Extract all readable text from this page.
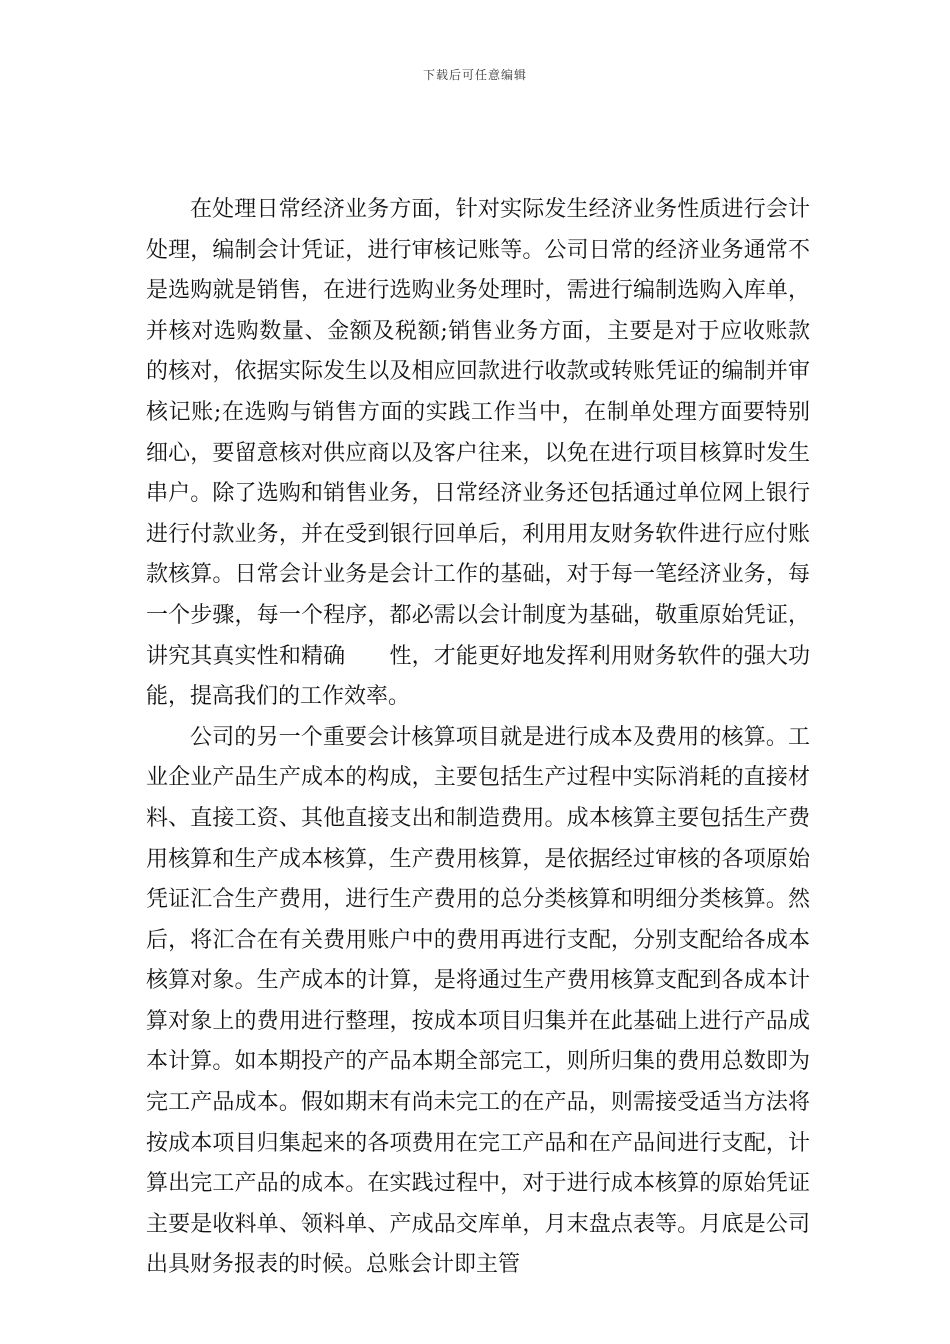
下载后可任意编辑

在处理日常经济业务方面，针对实际发生经济业务性质进行会计处理，编制会计凭证，进行审核记账等。公司日常的经济业务通常不是选购就是销售，在进行选购业务处理时，需进行编制选购入库单，并核对选购数量、金额及税额;销售业务方面，主要是对于应收账款的核对，依据实际发生以及相应回款进行收款或转账凭证的编制并审核记账;在选购与销售方面的实践工作当中，在制单处理方面要特别细心，要留意核对供应商以及客户往来，以免在进行项目核算时发生串户。除了选购和销售业务，日常经济业务还包括通过单位网上银行进行付款业务，并在受到银行回单后，利用用友财务软件进行应付账款核算。日常会计业务是会计工作的基础，对于每一笔经济业务，每一个步骤，每一个程序，都必需以会计制度为基础，敬重原始凭证，讲究其真实性和精确　　性，才能更好地发挥利用财务软件的强大功能，提高我们的工作效率。

公司的另一个重要会计核算项目就是进行成本及费用的核算。工业企业产品生产成本的构成，主要包括生产过程中实际消耗的直接材料、直接工资、其他直接支出和制造费用。成本核算主要包括生产费用核算和生产成本核算，生产费用核算，是依据经过审核的各项原始凭证汇合生产费用，进行生产费用的总分类核算和明细分类核算。然后，将汇合在有关费用账户中的费用再进行支配，分别支配给各成本核算对象。生产成本的计算，是将通过生产费用核算支配到各成本计算对象上的费用进行整理，按成本项目归集并在此基础上进行产品成本计算。如本期投产的产品本期全部完工，则所归集的费用总数即为完工产品成本。假如期末有尚未完工的在产品，则需接受适当方法将按成本项目归集起来的各项费用在完工产品和在产品间进行支配，计算出完工产品的成本。在实践过程中，对于进行成本核算的原始凭证主要是收料单、领料单、产成品交库单，月末盘点表等。月底是公司出具财务报表的时候。总账会计即主管
